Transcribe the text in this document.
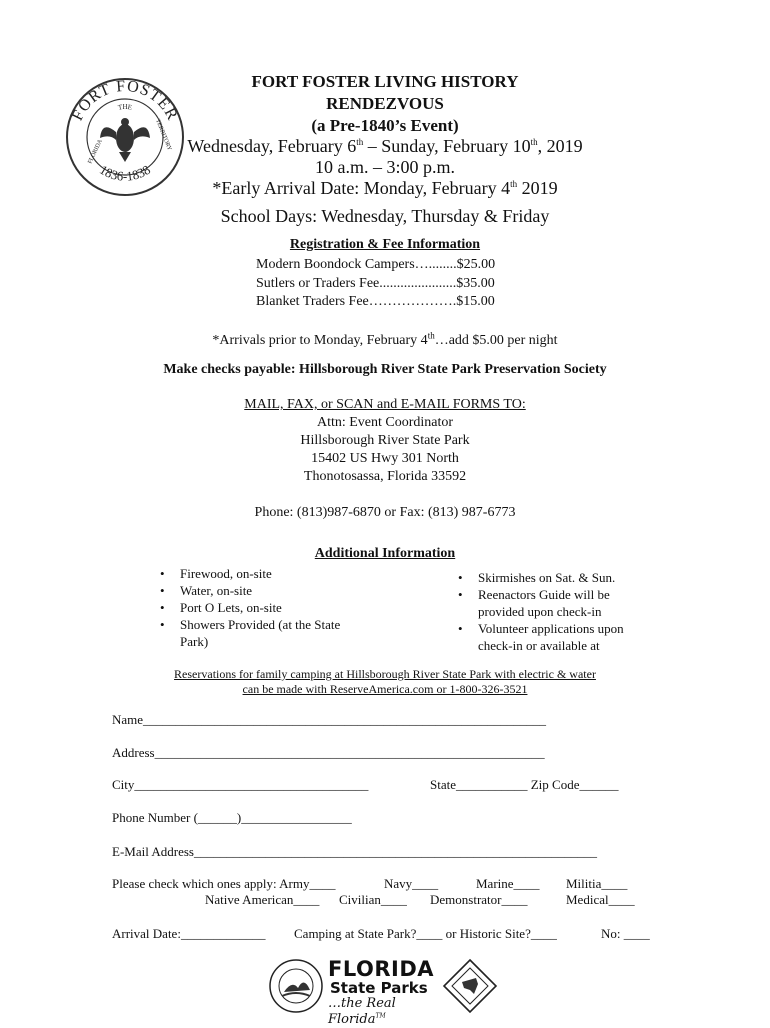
FORT FOSTER
1836-1838
THE
FLORIDA
TERRITORY
FORT FOSTER LIVING HISTORY
RENDEZVOUS
(a Pre-1840’s Event)
Wednesday, February 6th – Sunday, February 10th, 2019
10 a.m. – 3:00 p.m.
*Early Arrival Date: Monday, February 4th 2019
School Days: Wednesday, Thursday & Friday
Registration & Fee Information
Modern Boondock Campers…........$25.00
Sutlers or Traders Fee......................$35.00
Blanket Traders Fee……………….$15.00
*Arrivals prior to Monday, February 4th…add $5.00 per night
Make checks payable: Hillsborough River State Park Preservation Society
MAIL, FAX, or SCAN and E-MAIL FORMS TO:
Attn: Event Coordinator
Hillsborough River State Park
15402 US Hwy 301 North
Thonotosassa, Florida 33592
Phone: (813)987-6870 or Fax: (813) 987-6773
Additional Information
• Firewood, on-site
• Water, on-site
• Port O Lets, on-site
• Showers Provided (at the State Park)
• Skirmishes on Sat. & Sun.
• Reenactors Guide will be provided upon check-in
• Volunteer applications upon check-in or available at
Reservations for family camping at Hillsborough River State Park with electric & water
can be made with ReserveAmerica.com or 1-800-326-3521
Name______________________________________________________________
Address____________________________________________________________
City____________________________________	State___________ Zip Code______
Phone Number (______)_________________
E-Mail Address______________________________________________________________
Please check which ones apply: Army____	Navy____	Marine____ Militia____
Native American____ Civilian____ Demonstrator____	Medical____
Arrival Date:_____________ Camping at State Park?____ or Historic Site?____	No: ____
FLORIDA
State Parks
…the Real Florida™
